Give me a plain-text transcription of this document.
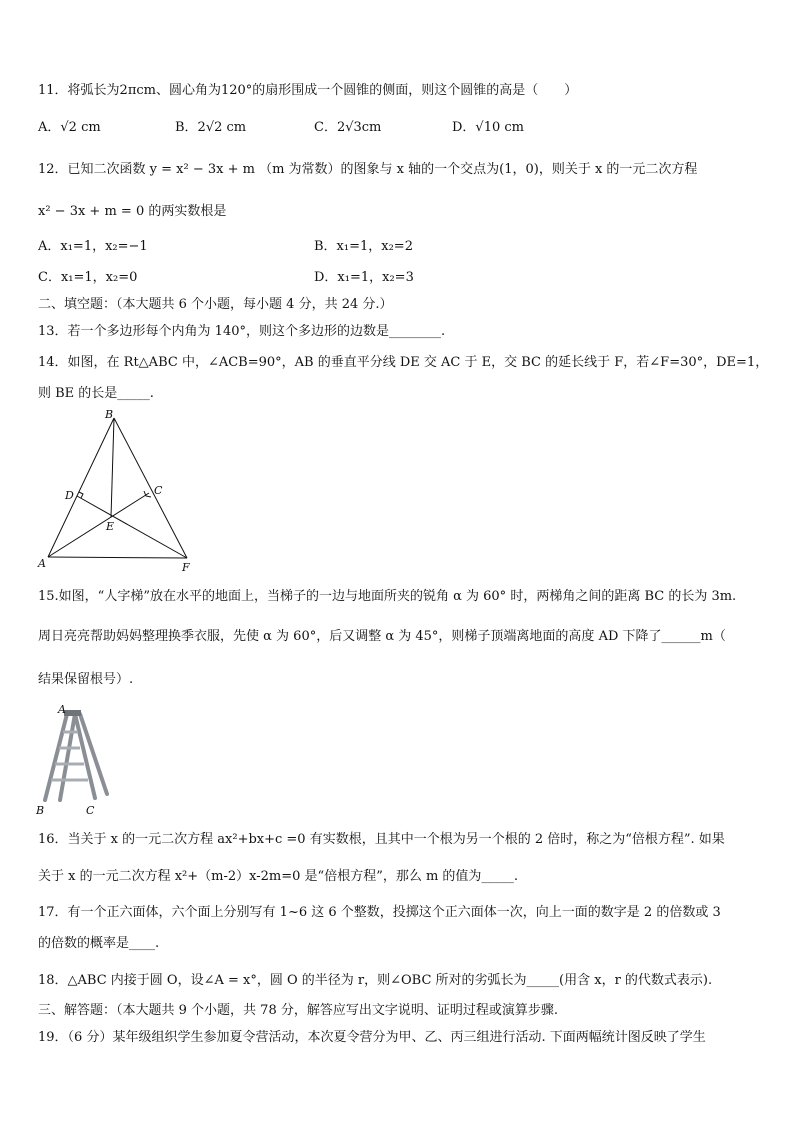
11．将弧长为2πcm、圆心角为120°的扇形围成一个圆锥的侧面，则这个圆锥的高是（　　）
A．√2 cm	B．2√2 cm	C．2√3cm	D．√10 cm
12．已知二次函数 y = x² − 3x + m （m 为常数）的图象与 x 轴的一个交点为(1，0)，则关于 x 的一元二次方程
x² − 3x + m = 0 的两实数根是
A．x₁=1，x₂=−1	B．x₁=1，x₂=2
C．x₁=1，x₂=0	D．x₁=1，x₂=3
二、填空题：（本大题共 6 个小题，每小题 4 分，共 24 分.）
13．若一个多边形每个内角为 140°，则这个多边形的边数是________.
14．如图，在 Rt△ABC 中，∠ACB=90°，AB 的垂直平分线 DE 交 AC 于 E，交 BC 的延长线于 F，若∠F=30°，DE=1，
则 BE 的长是_____.
B
D	C
E
A	F
15.如图，“人字梯”放在水平的地面上，当梯子的一边与地面所夹的锐角 α 为 60° 时，两梯角之间的距离 BC 的长为 3m.
周日亮亮帮助妈妈整理换季衣服，先使 α 为 60°，后又调整 α 为 45°，则梯子顶端离地面的高度 AD 下降了______m（
结果保留根号）.
A
B	C
16．当关于 x 的一元二次方程 ax²+bx+c =0 有实数根，且其中一个根为另一个根的 2 倍时，称之为“倍根方程”. 如果
关于 x 的一元二次方程 x²+（m-2）x-2m=0 是“倍根方程”，那么 m 的值为_____.
17．有一个正六面体，六个面上分别写有 1~6 这 6 个整数，投掷这个正六面体一次，向上一面的数字是 2 的倍数或 3
的倍数的概率是____.
18．△ABC 内接于圆 O，设∠A = x°，圆 O 的半径为 r，则∠OBC 所对的劣弧长为_____(用含 x，r 的代数式表示).
三、解答题：（本大题共 9 个小题，共 78 分，解答应写出文字说明、证明过程或演算步骤.
19．（6 分）某年级组织学生参加夏令营活动，本次夏令营分为甲、乙、丙三组进行活动. 下面两幅统计图反映了学生
